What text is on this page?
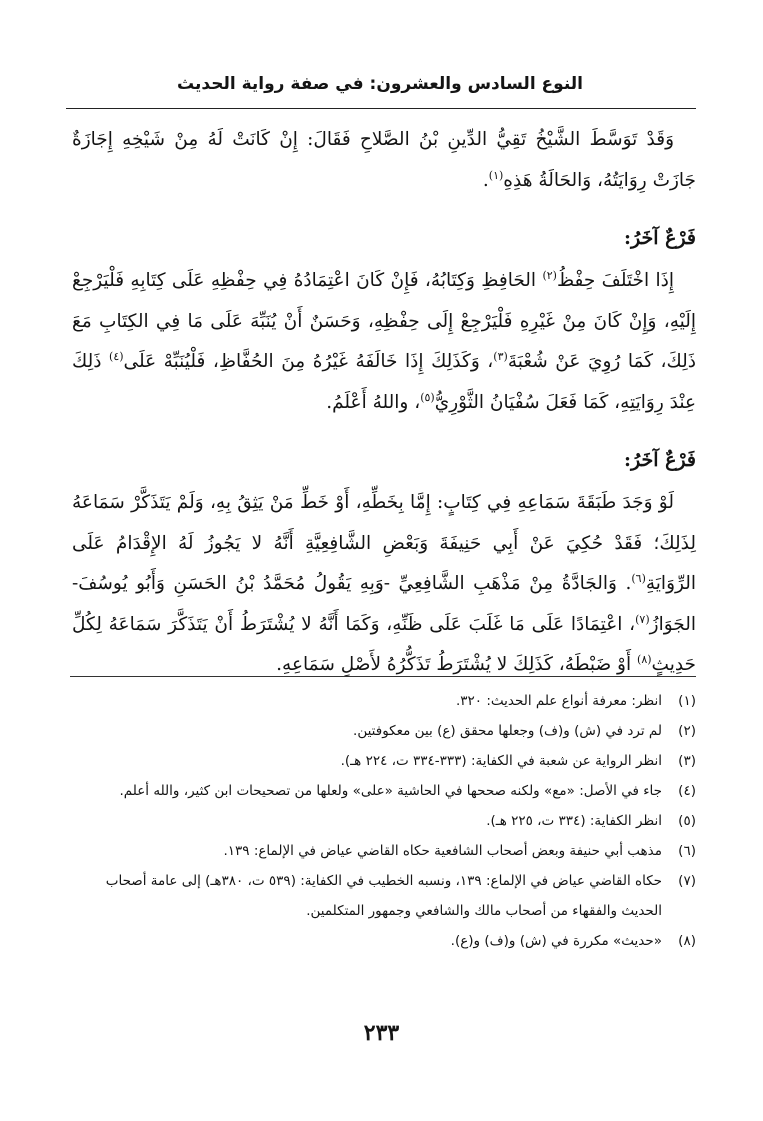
النوع السادس والعشرون: في صفة رواية الحديث

وَقَدْ تَوَسَّطَ الشَّيْخُ تَقِيُّ الدِّينِ بْنُ الصَّلاحِ فَقَالَ: إِنْ كَانَتْ لَهُ مِنْ شَيْخِهِ إِجَازَةٌ جَازَتْ رِوَايَتُهُ، وَالحَالَةُ هَذِهِ$^{(١)}$.

فَرْعٌ آخَرُ:

إِذَا اخْتَلَفَ حِفْظُ$^{(٢)}$ الحَافِظِ وَكِتَابُهُ، فَإِنْ كَانَ اعْتِمَادُهُ فِي حِفْظِهِ عَلَى كِتَابِهِ فَلْيَرْجِعْ إِلَيْهِ، وَإِنْ كَانَ مِنْ غَيْرِهِ فَلْيَرْجِعْ إِلَى حِفْظِهِ، وَحَسَنٌ أَنْ يُنَبِّهَ عَلَى مَا فِي الكِتَابِ مَعَ ذَلِكَ، كَمَا رُوِيَ عَنْ شُعْبَةَ$^{(٣)}$، وَكَذَلِكَ إِذَا خَالَفَهُ غَيْرُهُ مِنَ الحُفَّاظِ، فَلْيُنَبِّهْ عَلَى$^{(٤)}$ ذَلِكَ عِنْدَ رِوَايَتِهِ، كَمَا فَعَلَ سُفْيَانُ الثَّوْرِيُّ$^{(٥)}$، واللهُ أَعْلَمُ.

فَرْعٌ آخَرُ:

لَوْ وَجَدَ طَبَقَةَ سَمَاعِهِ فِي كِتَابٍ: إِمَّا بِخَطِّهِ، أَوْ خَطِّ مَنْ يَثِقُ بِهِ، وَلَمْ يَتَذَكَّرْ سَمَاعَهُ لِذَلِكَ؛ فَقَدْ حُكِيَ عَنْ أَبِي حَنِيفَةَ وَبَعْضِ الشَّافِعِيَّةِ أَنَّهُ لا يَجُوزُ لَهُ الإِقْدَامُ عَلَى الرِّوَايَةِ$^{(٦)}$. وَالجَادَّةُ مِنْ مَذْهَبِ الشَّافِعِيِّ -وَبِهِ يَقُولُ مُحَمَّدُ بْنُ الحَسَنِ وَأَبُو يُوسُفَ- الجَوَازُ$^{(٧)}$، اعْتِمَادًا عَلَى مَا غَلَبَ عَلَى ظَنِّهِ، وَكَمَا أَنَّهُ لا يُشْتَرَطُ أَنْ يَتَذَكَّرَ سَمَاعَهُ لِكُلِّ حَدِيثٍ$^{(٨)}$ أَوْ ضَبْطَهُ، كَذَلِكَ لا يُشْتَرَطُ تَذَكُّرُهُ لأَصْلِ سَمَاعِهِ.

(١)
انظر: معرفة أنواع علم الحديث: ٣٢٠.

(٢)
لم ترد في (ش) و(ف) وجعلها محقق (ع) بين معكوفتين.

(٣)
انظر الرواية عن شعبة في الكفاية: (٣٣٣-٣٣٤ ت، ٢٢٤ هـ).

(٤)
جاء في الأصل: «مع» ولكنه صححها في الحاشية «على» ولعلها من تصحيحات ابن كثير، والله أعلم.

(٥)
انظر الكفاية: (٣٣٤ ت، ٢٢٥ هـ).

(٦)
مذهب أبي حنيفة وبعض أصحاب الشافعية حكاه القاضي عياض في الإلماع: ١٣٩.

(٧)
حكاه القاضي عياض في الإلماع: ١٣٩، ونسبه الخطيب في الكفاية: (٥٣٩ ت، ٣٨٠هـ) إلى عامة أصحاب الحديث والفقهاء من أصحاب مالك والشافعي وجمهور المتكلمين.

(٨)
«حديث» مكررة في (ش) و(ف) و(ع).

٢٣٣
